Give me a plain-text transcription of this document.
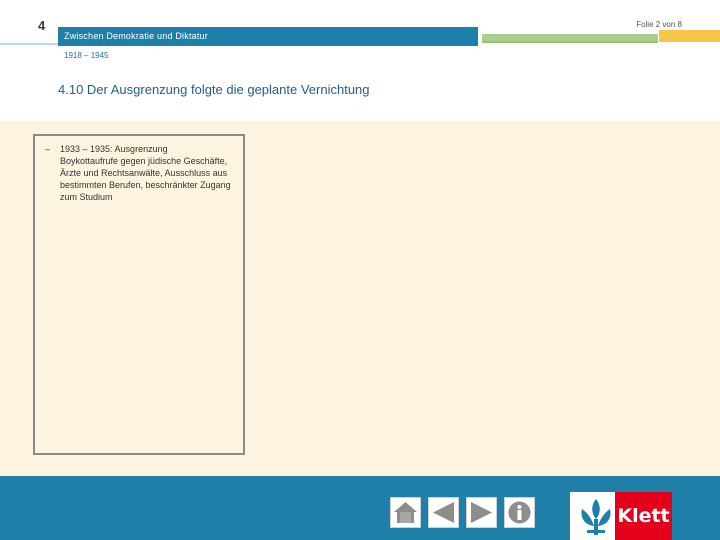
4
Zwischen Demokratie und Diktatur
Folie 2 von 8
1918 – 1945
4.10 Der Ausgrenzung folgte die geplante Vernichtung
– 1933 – 1935: Ausgrenzung
Boykottaufrufe gegen jüdische Geschäfte, Ärzte und Rechtsanwälte, Ausschluss aus bestimmten Berufen, beschränkter Zugang zum Studium
Klett
